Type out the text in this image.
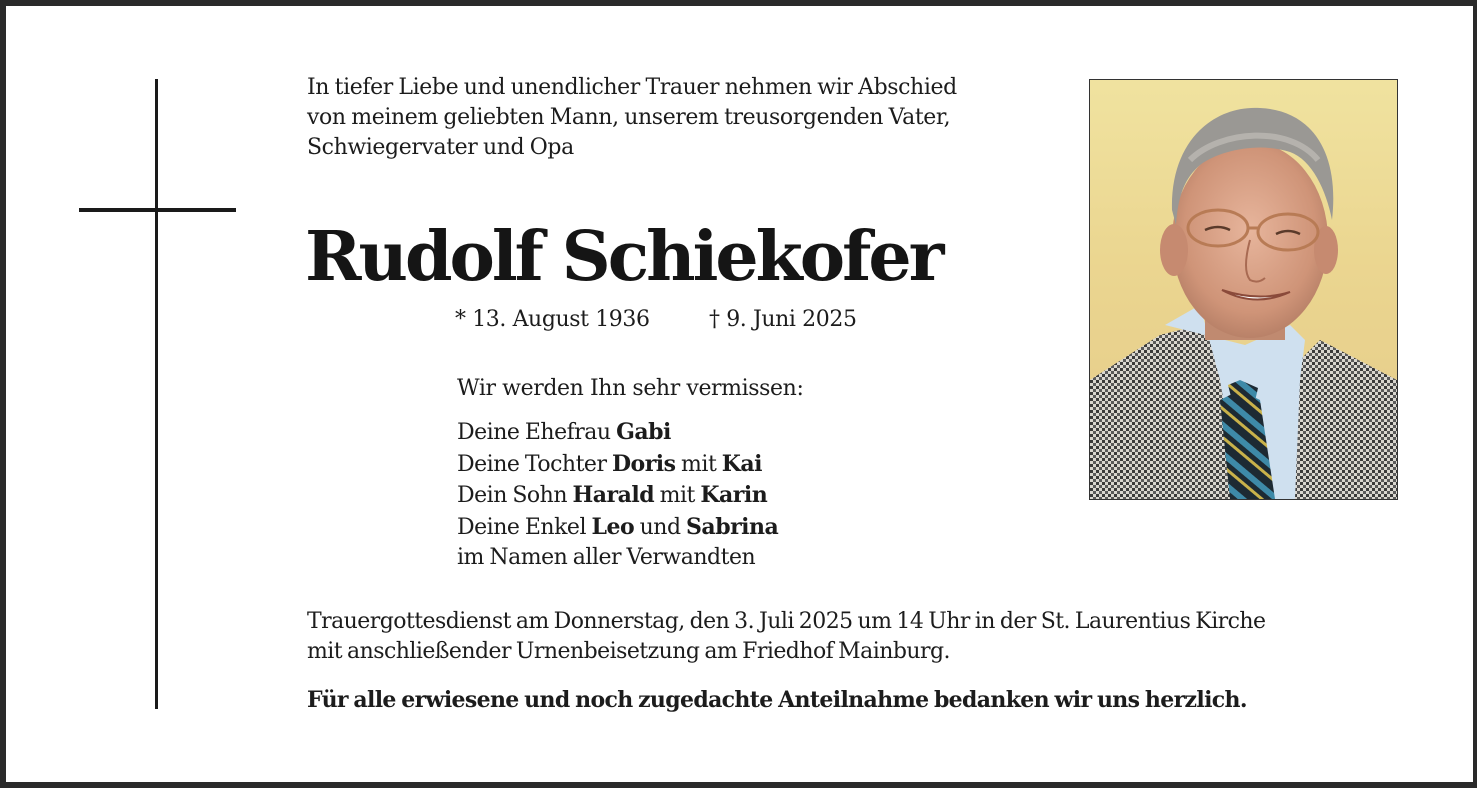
In tiefer Liebe und unendlicher Trauer nehmen wir Abschied
von meinem geliebten Mann, unserem treusorgenden Vater,
Schwiegervater und Opa
Rudolf Schiekofer
* 13. August 1936	† 9. Juni 2025
Wir werden Ihn sehr vermissen:
Deine Ehefrau Gabi
Deine Tochter Doris mit Kai
Dein Sohn Harald mit Karin
Deine Enkel Leo und Sabrina
im Namen aller Verwandten
Trauergottesdienst am Donnerstag, den 3. Juli 2025 um 14 Uhr in der St. Laurentius Kirche
mit anschließender Urnenbeisetzung am Friedhof Mainburg.
Für alle erwiesene und noch zugedachte Anteilnahme bedanken wir uns herzlich.
